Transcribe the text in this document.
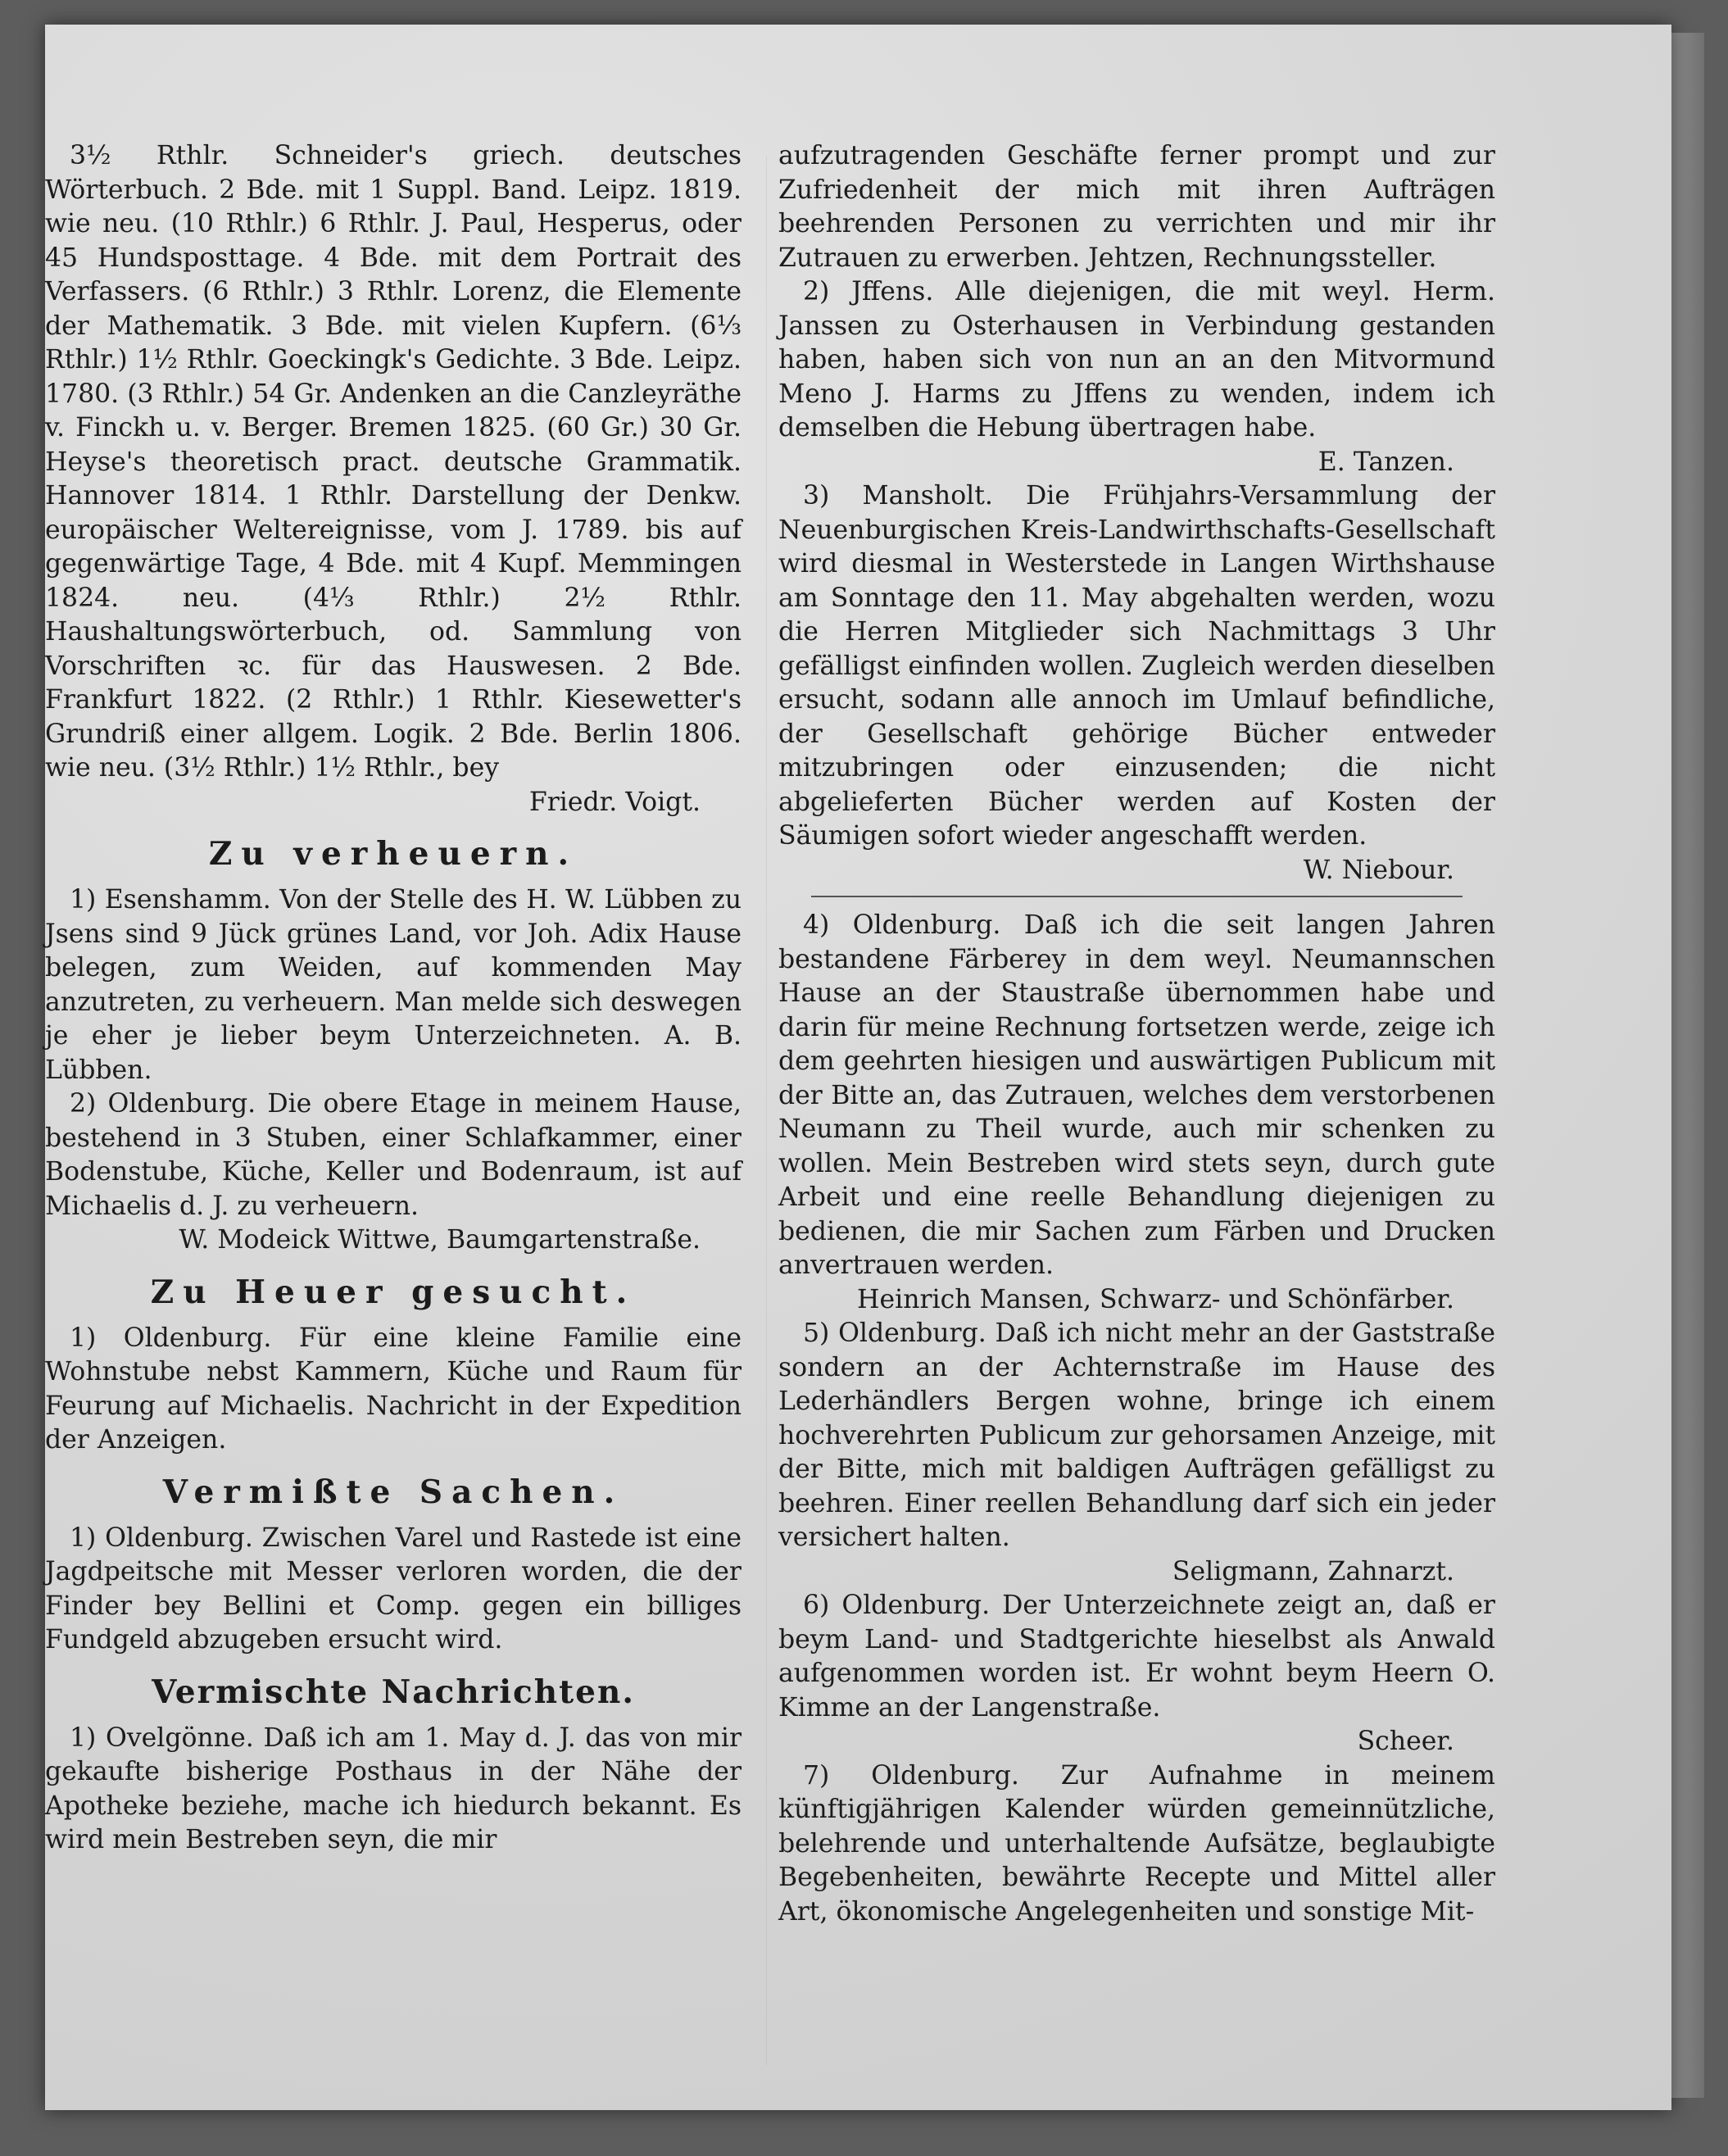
3½ Rthlr. Schneider's griech. deutsches Wörterbuch. 2 Bde. mit 1 Suppl. Band. Leipz. 1819. wie neu. (10 Rthlr.) 6 Rthlr. J. Paul, Hesperus, oder 45 Hundsposttage. 4 Bde. mit dem Portrait des Verfassers. (6 Rthlr.) 3 Rthlr. Lorenz, die Elemente der Mathematik. 3 Bde. mit vielen Kupfern. (6⅓ Rthlr.) 1½ Rthlr. Goeckingk's Gedichte. 3 Bde. Leipz. 1780. (3 Rthlr.) 54 Gr. Andenken an die Canzleyräthe v. Finckh u. v. Berger. Bremen 1825. (60 Gr.) 30 Gr. Heyse's theoretisch pract. deutsche Grammatik. Hannover 1814. 1 Rthlr. Darstellung der Denkw. europäischer Weltereignisse, vom J. 1789. bis auf gegenwärtige Tage, 4 Bde. mit 4 Kupf. Memmingen 1824. neu. (4⅓ Rthlr.) 2½ Rthlr. Haushaltungswörterbuch, od. Sammlung von Vorschriften ꝛc. für das Hauswesen. 2 Bde. Frankfurt 1822. (2 Rthlr.) 1 Rthlr. Kiesewetter's Grundriß einer allgem. Logik. 2 Bde. Berlin 1806. wie neu. (3½ Rthlr.) 1½ Rthlr., bey

Friedr. Voigt.

Zu verheuern.

1) Esenshamm. Von der Stelle des H. W. Lübben zu Jsens sind 9 Jück grünes Land, vor Joh. Adix Hause belegen, zum Weiden, auf kommenden May anzutreten, zu verheuern. Man melde sich deswegen je eher je lieber beym Unterzeichneten. A. B. Lübben.

2) Oldenburg. Die obere Etage in meinem Hause, bestehend in 3 Stuben, einer Schlafkammer, einer Bodenstube, Küche, Keller und Bodenraum, ist auf Michaelis d. J. zu verheuern.

W. Modeick Wittwe, Baumgartenstraße.

Zu Heuer gesucht.

1) Oldenburg. Für eine kleine Familie eine Wohnstube nebst Kammern, Küche und Raum für Feurung auf Michaelis. Nachricht in der Expedition der Anzeigen.

Vermißte Sachen.

1) Oldenburg. Zwischen Varel und Rastede ist eine Jagdpeitsche mit Messer verloren worden, die der Finder bey Bellini et Comp. gegen ein billiges Fundgeld abzugeben ersucht wird.

Vermischte Nachrichten.

1) Ovelgönne. Daß ich am 1. May d. J. das von mir gekaufte bisherige Posthaus in der Nähe der Apotheke beziehe, mache ich hiedurch bekannt. Es wird mein Bestreben seyn, die mir

aufzutragenden Geschäfte ferner prompt und zur Zufriedenheit der mich mit ihren Aufträgen beehrenden Personen zu verrichten und mir ihr Zutrauen zu erwerben. Jehtzen, Rechnungssteller.

2) Jffens. Alle diejenigen, die mit weyl. Herm. Janssen zu Osterhausen in Verbindung gestanden haben, haben sich von nun an an den Mitvormund Meno J. Harms zu Jffens zu wenden, indem ich demselben die Hebung übertragen habe.

E. Tanzen.

3) Mansholt. Die Frühjahrs-Versammlung der Neuenburgischen Kreis-Landwirthschafts-Gesellschaft wird diesmal in Westerstede in Langen Wirthshause am Sonntage den 11. May abgehalten werden, wozu die Herren Mitglieder sich Nachmittags 3 Uhr gefälligst einfinden wollen. Zugleich werden dieselben ersucht, sodann alle annoch im Umlauf befindliche, der Gesellschaft gehörige Bücher entweder mitzubringen oder einzusenden; die nicht abgelieferten Bücher werden auf Kosten der Säumigen sofort wieder angeschafft werden.

W. Niebour.

4) Oldenburg. Daß ich die seit langen Jahren bestandene Färberey in dem weyl. Neumannschen Hause an der Staustraße übernommen habe und darin für meine Rechnung fortsetzen werde, zeige ich dem geehrten hiesigen und auswärtigen Publicum mit der Bitte an, das Zutrauen, welches dem verstorbenen Neumann zu Theil wurde, auch mir schenken zu wollen. Mein Bestreben wird stets seyn, durch gute Arbeit und eine reelle Behandlung diejenigen zu bedienen, die mir Sachen zum Färben und Drucken anvertrauen werden.

Heinrich Mansen, Schwarz- und Schönfärber.

5) Oldenburg. Daß ich nicht mehr an der Gaststraße sondern an der Achternstraße im Hause des Lederhändlers Bergen wohne, bringe ich einem hochverehrten Publicum zur gehorsamen Anzeige, mit der Bitte, mich mit baldigen Aufträgen gefälligst zu beehren. Einer reellen Behandlung darf sich ein jeder versichert halten.

Seligmann, Zahnarzt.

6) Oldenburg. Der Unterzeichnete zeigt an, daß er beym Land- und Stadtgerichte hieselbst als Anwald aufgenommen worden ist. Er wohnt beym Heern O. Kimme an der Langenstraße.

Scheer.

7) Oldenburg. Zur Aufnahme in meinem künftigjährigen Kalender würden gemeinnützliche, belehrende und unterhaltende Aufsätze, beglaubigte Begebenheiten, bewährte Recepte und Mittel aller Art, ökonomische Angelegenheiten und sonstige Mit-
